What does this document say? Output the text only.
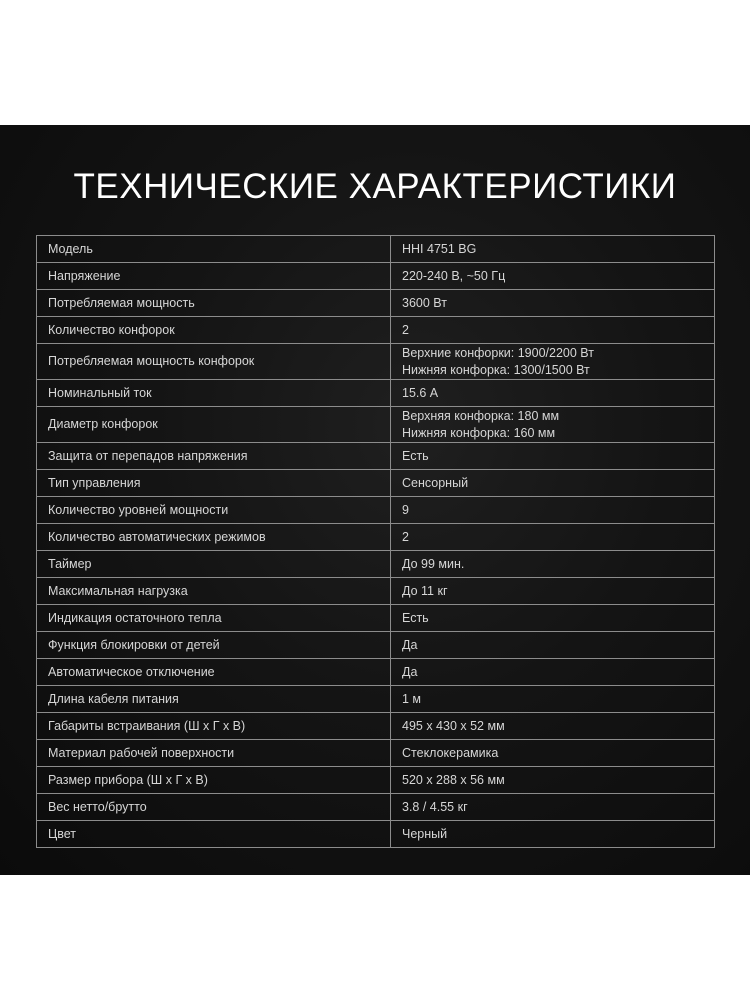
ТЕХНИЧЕСКИЕ ХАРАКТЕРИСТИКИ
Модель	HHI 4751 BG

Напряжение	220-240 В, ~50 Гц

Потребляемая мощность	3600 Вт

Количество конфорок	2

Потребляемая мощность конфорок	Верхние конфорки: 1900/2200 Вт
Нижняя конфорка: 1300/1500 Вт

Номинальный ток	15.6 А

Диаметр конфорок	Верхняя конфорка: 180 мм
Нижняя конфорка: 160 мм

Защита от перепадов напряжения	Есть

Тип управления	Сенсорный

Количество уровней мощности	9

Количество автоматических режимов	2

Таймер	До 99 мин.

Максимальная нагрузка	До 11 кг

Индикация остаточного тепла	Есть

Функция блокировки от детей	Да

Автоматическое отключение	Да

Длина кабеля питания	1 м

Габариты встраивания (Ш х Г х В)	495 х 430 х 52 мм

Материал рабочей поверхности	Стеклокерамика

Размер прибора (Ш х Г х В)	520 х 288 х 56 мм

Вес нетто/брутто	3.8 / 4.55 кг

Цвет	Черный
